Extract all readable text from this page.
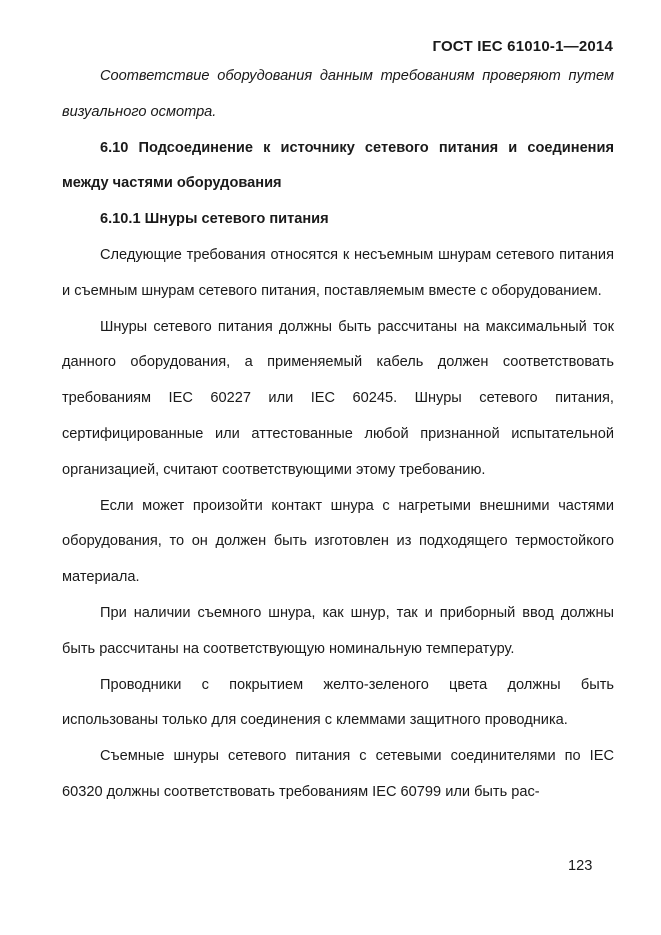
ГОСТ IEC 61010-1—2014

Соответствие оборудования данным требованиям проверяют путем визуального осмотра.

6.10 Подсоединение к источнику сетевого питания и соединения между частями оборудования

6.10.1 Шнуры сетевого питания

Следующие требования относятся к несъемным шнурам сетевого питания и съемным шнурам сетевого питания, поставляемым вместе с оборудованием.

Шнуры сетевого питания должны быть рассчитаны на максимальный ток данного оборудования, а применяемый кабель должен соответствовать требованиям IEC 60227 или IEC 60245. Шнуры сетевого питания, сертифицированные или аттестованные любой признанной испытательной организацией, считают соответствующими этому требованию.

Если может произойти контакт шнура с нагретыми внешними частями оборудования, то он должен быть изготовлен из подходящего термостойкого материала.

При наличии съемного шнура, как шнур, так и приборный ввод должны быть рассчитаны на соответствующую номинальную температуру.

Проводники с покрытием желто-зеленого цвета должны быть использованы только для соединения с клеммами защитного проводника.

Съемные шнуры сетевого питания с сетевыми соединителями по IEC 60320 должны соответствовать требованиям IEC 60799 или быть рас-

123
